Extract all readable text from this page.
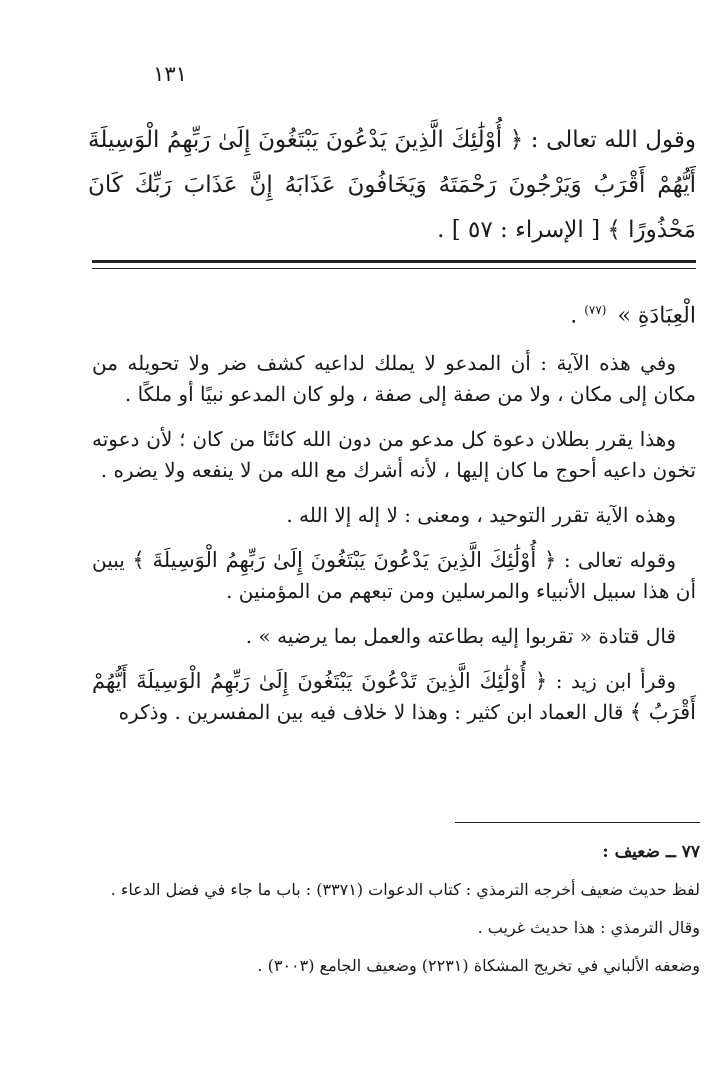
١٣١
وقول الله تعالى : ﴿ أُوْلَٰئِكَ الَّذِينَ يَدْعُونَ يَبْتَغُونَ إِلَىٰ رَبِّهِمُ الْوَسِيلَةَ أَيُّهُمْ أَقْرَبُ وَيَرْجُونَ رَحْمَتَهُ وَيَخَافُونَ عَذَابَهُ إِنَّ عَذَابَ رَبِّكَ كَانَ مَحْذُورًا ﴾ [ الإسراء : ٥٧ ] .
الْعِبَادَةِ » $^{(٧٧)}$ .

وفي هذه الآية : أن المدعو لا يملك لداعيه كشف ضر ولا تحويله من مكان إلى مكان ، ولا من صفة إلى صفة ، ولو كان المدعو نبيًا أو ملكًا .

وهذا يقرر بطلان دعوة كل مدعو من دون الله كائنًا من كان ؛ لأن دعوته تخون داعيه أحوج ما كان إليها ، لأنه أشرك مع الله من لا ينفعه ولا يضره .

وهذه الآية تقرر التوحيد ، ومعنى : لا إله إلا الله .

وقوله تعالى : ﴿ أُوْلَٰئِكَ الَّذِينَ يَدْعُونَ يَبْتَغُونَ إِلَىٰ رَبِّهِمُ الْوَسِيلَةَ ﴾ يبين أن هذا سبيل الأنبياء والمرسلين ومن تبعهم من المؤمنين .

قال قتادة « تقربوا إليه بطاعته والعمل بما يرضيه » .

وقرأ ابن زيد : ﴿ أُوْلَٰئِكَ الَّذِينَ تَدْعُونَ يَبْتَغُونَ إِلَىٰ رَبِّهِمُ الْوَسِيلَةَ أَيُّهُمْ أَقْرَبُ ﴾ قال العماد ابن كثير : وهذا لا خلاف فيه بين المفسرين . وذكره

٧٧ ــ ضعيف :

لفظ حديث ضعيف أخرجه الترمذي : كتاب الدعوات (٣٣٧١) : باب ما جاء في فضل الدعاء .

وقال الترمذي : هذا حديث غريب .

وضعفه الألباني في تخريج المشكاة (٢٢٣١) وضعيف الجامع (٣٠٠٣) .
